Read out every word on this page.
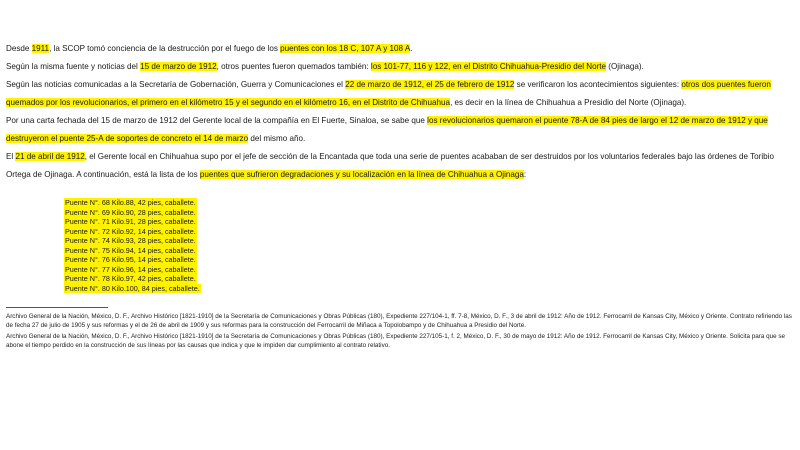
Desde 1911, la SCOP tomó conciencia de la destrucción por el fuego de los puentes con los 18 C, 107 A y 108 A.

Según la misma fuente y noticias del 15 de marzo de 1912, otros puentes fueron quemados también: los 101-77, 116 y 122, en el Distrito Chihuahua-Presidio del Norte (Ojinaga).

Según las noticias comunicadas a la Secretaría de Gobernación, Guerra y Comunicaciones el 22 de marzo de 1912, el 25 de febrero de 1912 se verificaron los acontecimientos siguientes: otros dos puentes fueron quemados por los revolucionarios, el primero en el kilómetro 15 y el segundo en el kilómetro 16, en el Distrito de Chihuahua, es decir en la línea de Chihuahua a Presidio del Norte (Ojinaga).

Por una carta fechada del 15 de marzo de 1912 del Gerente local de la compañía en El Fuerte, Sinaloa, se sabe que los revolucionarios quemaron el puente 78-A de 84 pies de largo el 12 de marzo de 1912 y que destruyeron el puente 25-A de soportes de concreto el 14 de marzo del mismo año.

El 21 de abril de 1912, el Gerente local en Chihuahua supo por el jefe de sección de la Encantada que toda una serie de puentes acababan de ser destruidos por los voluntarios federales bajo las órdenes de Toribio Ortega de Ojinaga. A continuación, está la lista de los puentes que sufrieron degradaciones y su localización en la línea de Chihuahua a Ojinaga:

Puente N°. 68 Kilo.88, 42 pies, caballete.
Puente N°. 69 Kilo.90, 28 pies, caballete.
Puente N°. 71 Kilo.91, 28 pies, caballete.
Puente N°. 72 Kilo.92, 14 pies, caballete.
Puente N°. 74 Kilo.93, 28 pies, caballete.
Puente N°. 75 Kilo.94, 14 pies, caballete.
Puente N°. 76 Kilo.95, 14 pies, caballete.
Puente N°. 77 Kilo.96, 14 pies, caballete.
Puente N°. 78 Kilo.97, 42 pies, caballete.
Puente N°. 80 Kilo.100, 84 pies, caballete.
Archivo General de la Nación, México, D. F., Archivo Histórico [1821-1910] de la Secretaría de Comunicaciones y Obras Públicas (180), Expediente 227/104-1, ff. 7-8, México, D. F., 3 de abril de 1912: Año de 1912. Ferrocarril de Kansas City, México y Oriente. Contrato refiriendo las de fecha 27 de julio de 1905 y sus reformas y el de 26 de abril de 1909 y sus reformas para la construcción del Ferrocarril de Miñaca a Topolobampo y de Chihuahua a Presidio del Norte.
Archivo General de la Nación, México, D. F., Archivo Histórico [1821-1910] de la Secretaría de Comunicaciones y Obras Públicas (180), Expediente 227/105-1, f. 2, México, D. F., 30 de mayo de 1912: Año de 1912. Ferrocarril de Kansas City, México y Oriente. Solicita para que se abone el tiempo perdido en la construcción de sus líneas por las causas que indica y que le impiden dar cumplimiento al contrato relativo.
